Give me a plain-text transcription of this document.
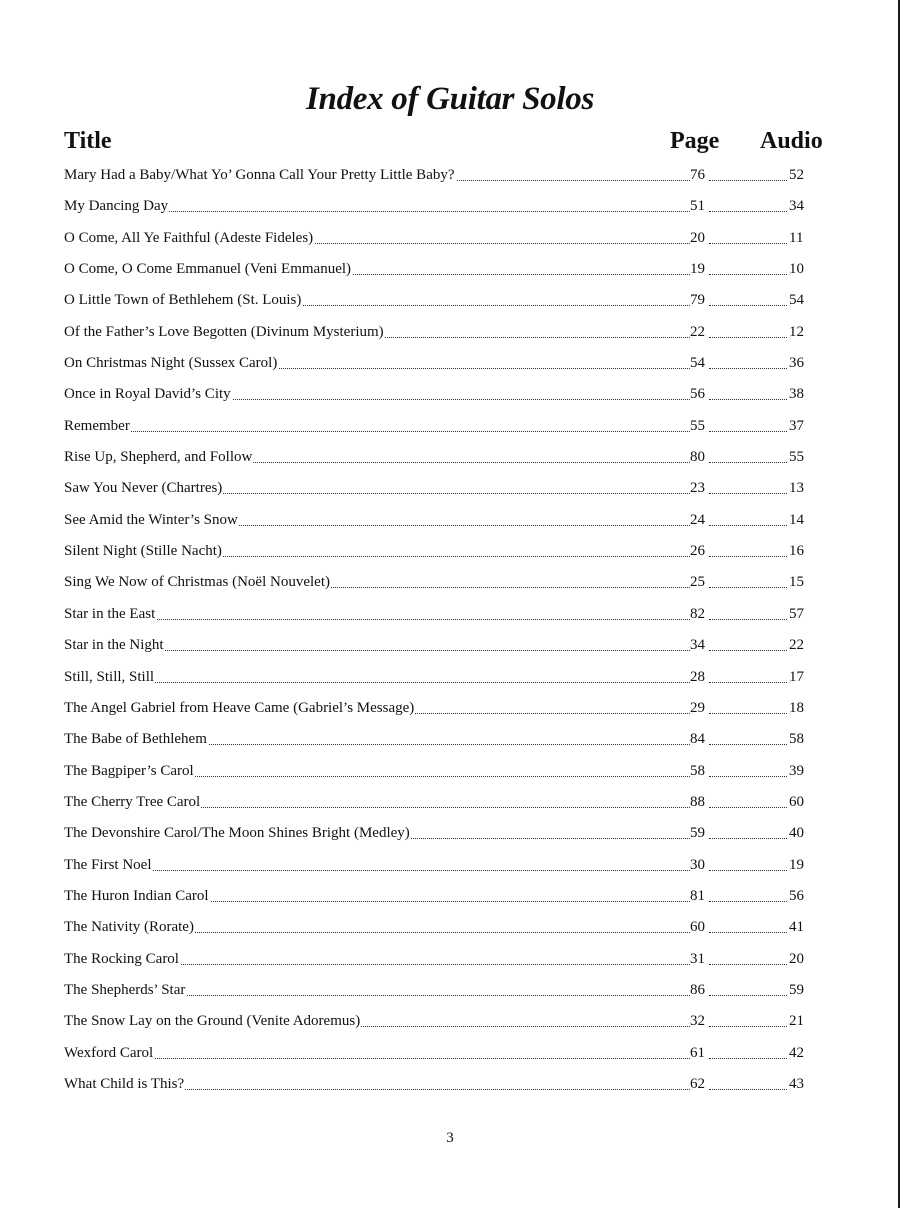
Index of Guitar Solos
Title	Page Audio
Mary Had a Baby/What Yo’ Gonna Call Your Pretty Little Baby?	76	52
My Dancing Day	51	34
O Come, All Ye Faithful (Adeste Fideles)	20	11
O Come, O Come Emmanuel (Veni Emmanuel)	19	10
O Little Town of Bethlehem (St. Louis)	79	54
Of the Father’s Love Begotten (Divinum Mysterium)	22	12
On Christmas Night (Sussex Carol)	54	36
Once in Royal David’s City	56	38
Remember	55	37
Rise Up, Shepherd, and Follow	80	55
Saw You Never (Chartres)	23	13
See Amid the Winter’s Snow	24	14
Silent Night (Stille Nacht)	26	16
Sing We Now of Christmas (Noël Nouvelet)	25	15
Star in the East	82	57
Star in the Night	34	22
Still, Still, Still	28	17
The Angel Gabriel from Heave Came (Gabriel’s Message)	29	18
The Babe of Bethlehem	84	58
The Bagpiper’s Carol	58	39
The Cherry Tree Carol	88	60
The Devonshire Carol/The Moon Shines Bright (Medley)	59	40
The First Noel	30	19
The Huron Indian Carol	81	56
The Nativity (Rorate)	60	41
The Rocking Carol	31	20
The Shepherds’ Star	86	59
The Snow Lay on the Ground (Venite Adoremus)	32	21
Wexford Carol	61	42
What Child is This?	62	43
3
